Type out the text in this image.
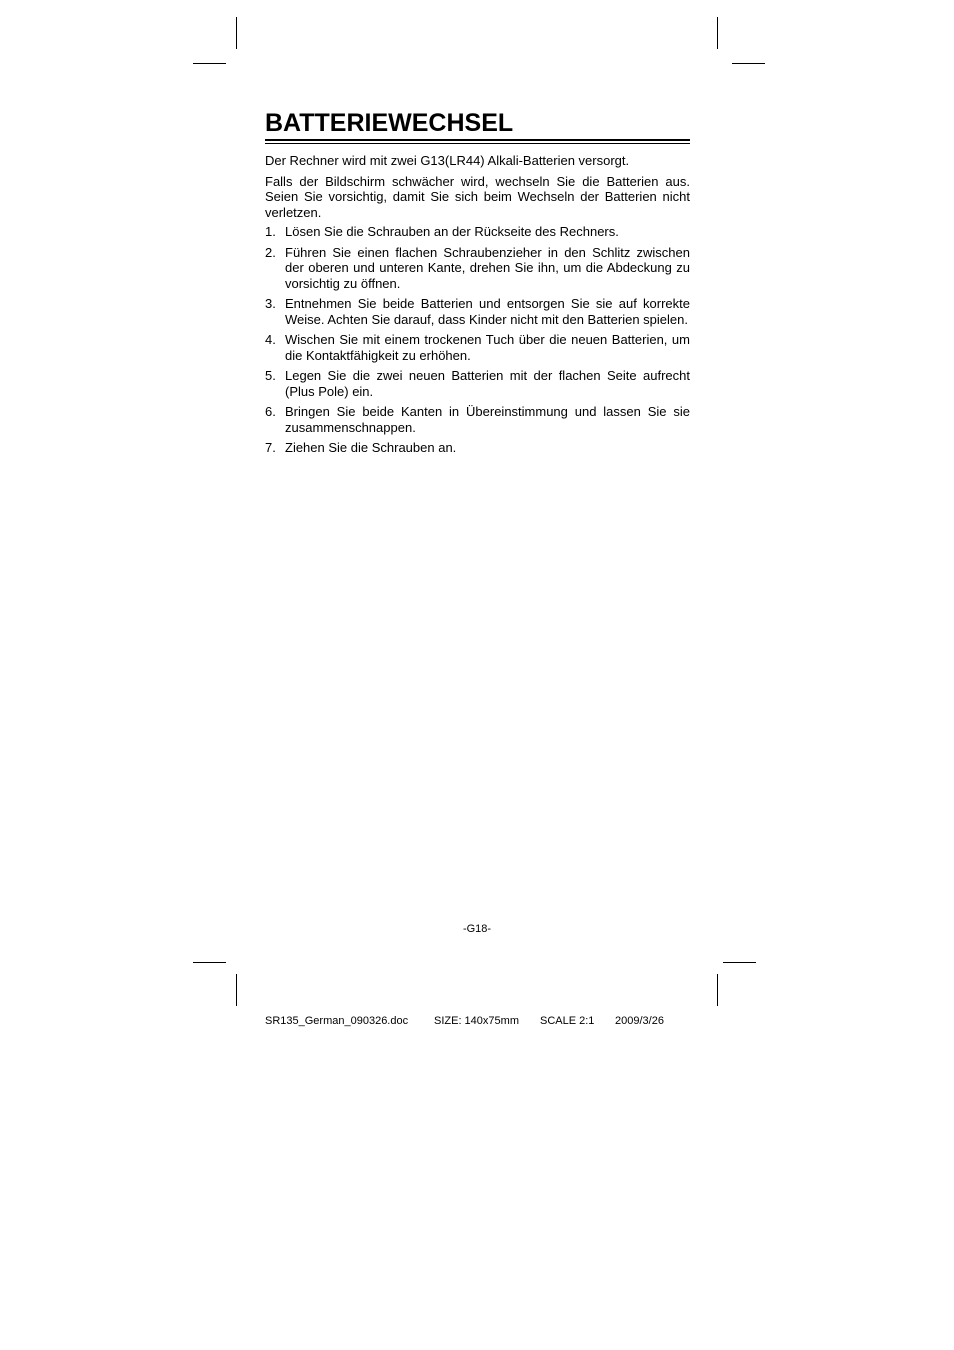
BATTERIEWECHSEL

Der Rechner wird mit zwei G13(LR44) Alkali-Batterien versorgt.

Falls der Bildschirm schwächer wird, wechseln Sie die Batterien aus. Seien Sie vorsichtig, damit Sie sich beim Wechseln der Batterien nicht verletzen.

1. Lösen Sie die Schrauben an der Rückseite des Rechners.
2. Führen Sie einen flachen Schraubenzieher in den Schlitz zwischen der oberen und unteren Kante, drehen Sie ihn, um die Abdeckung zu vorsichtig zu öffnen.
3. Entnehmen Sie beide Batterien und entsorgen Sie sie auf korrekte Weise. Achten Sie darauf, dass Kinder nicht mit den Batterien spielen.
4. Wischen Sie mit einem trockenen Tuch über die neuen Batterien, um die Kontaktfähigkeit zu erhöhen.
5. Legen Sie die zwei neuen Batterien mit der flachen Seite aufrecht (Plus Pole) ein.
6. Bringen Sie beide Kanten in Übereinstimmung und lassen Sie sie zusammenschnappen.
7. Ziehen Sie die Schrauben an.
-G18-
SR135_German_090326.doc SIZE: 140x75mm SCALE 2:1 2009/3/26
